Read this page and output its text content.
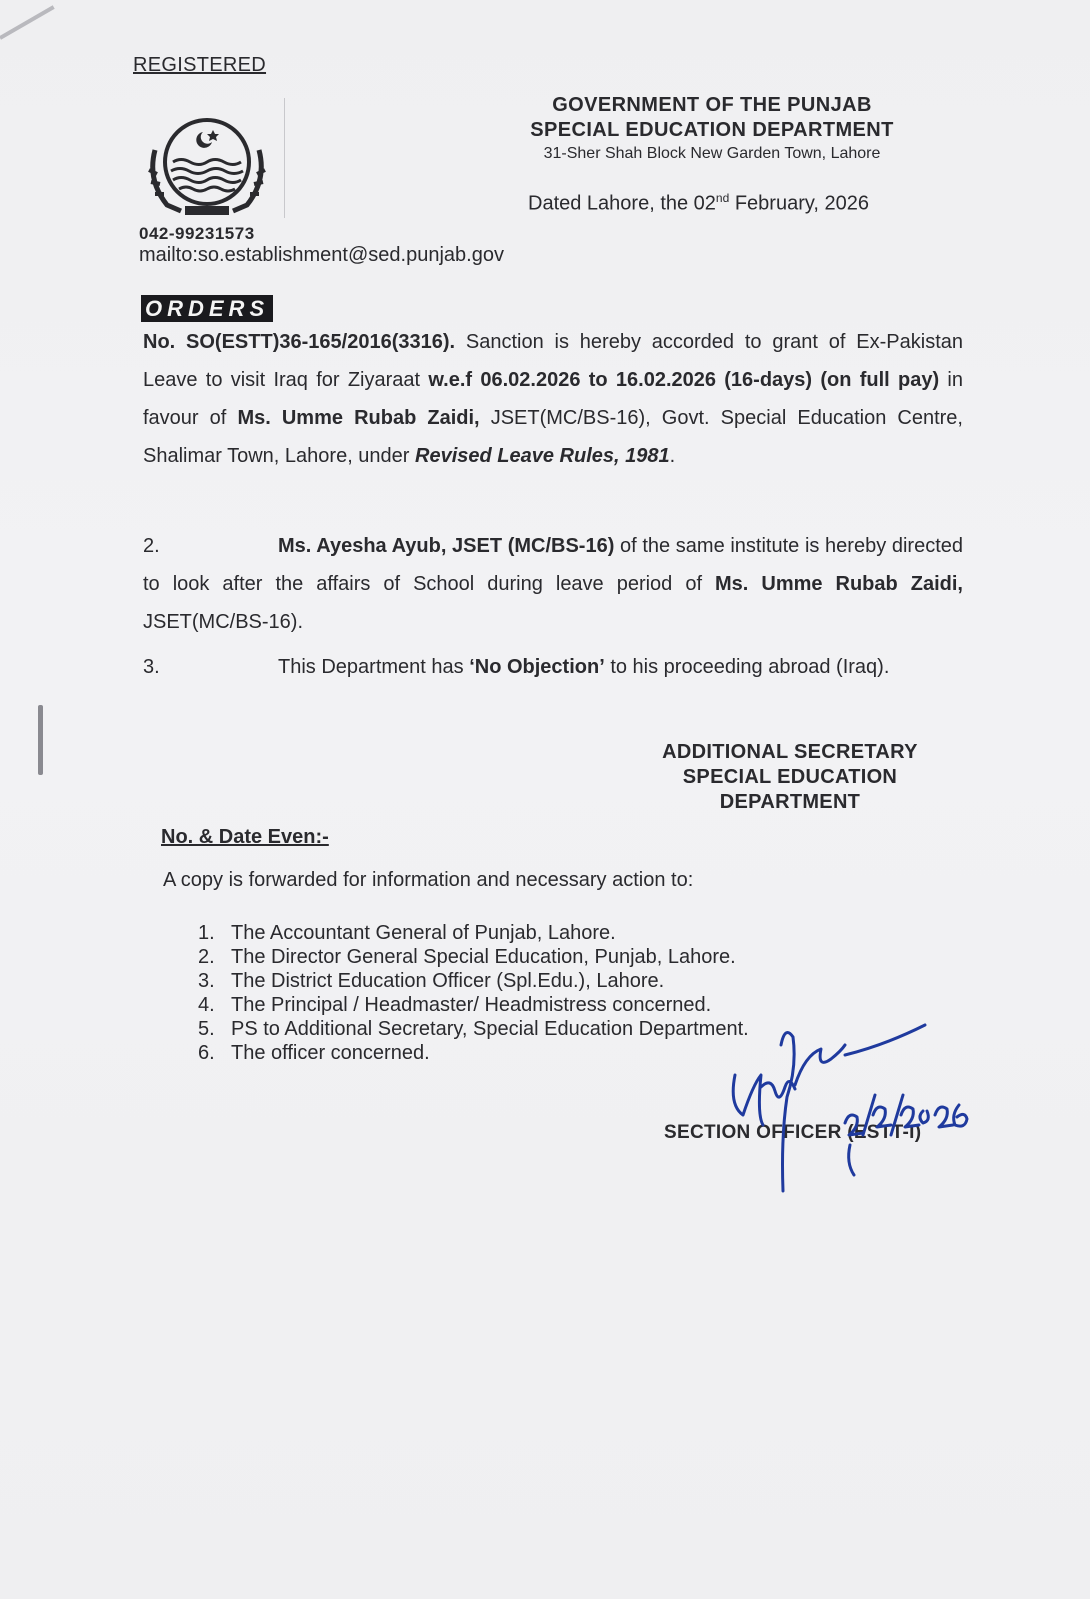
REGISTERED
042-99231573
mailto:so.establishment@sed.punjab.gov
GOVERNMENT OF THE PUNJAB
SPECIAL EDUCATION DEPARTMENT
31-Sher Shah Block New Garden Town, Lahore
Dated Lahore, the 02nd February, 2026
ORDERS
No. SO(ESTT)36-165/2016(3316). Sanction is hereby accorded to grant of Ex-Pakistan Leave to visit Iraq for Ziyaraat w.e.f 06.02.2026 to 16.02.2026 (16-days) (on full pay) in favour of Ms. Umme Rubab Zaidi, JSET(MC/BS-16), Govt. Special Education Centre, Shalimar Town, Lahore, under Revised Leave Rules, 1981.
2.	Ms. Ayesha Ayub, JSET (MC/BS-16) of the same institute is hereby directed to look after the affairs of School during leave period of Ms. Umme Rubab Zaidi, JSET(MC/BS-16).
3.	This Department has ‘No Objection’ to his proceeding abroad (Iraq).
ADDITIONAL SECRETARY
SPECIAL EDUCATION
DEPARTMENT
No. & Date Even:-
A copy is forwarded for information and necessary action to:
1. The Accountant General of Punjab, Lahore.
2. The Director General Special Education, Punjab, Lahore.
3. The District Education Officer (Spl.Edu.), Lahore.
4. The Principal / Headmaster/ Headmistress concerned.
5. PS to Additional Secretary, Special Education Department.
6. The officer concerned.
SECTION OFFICER (ESTT-I)
